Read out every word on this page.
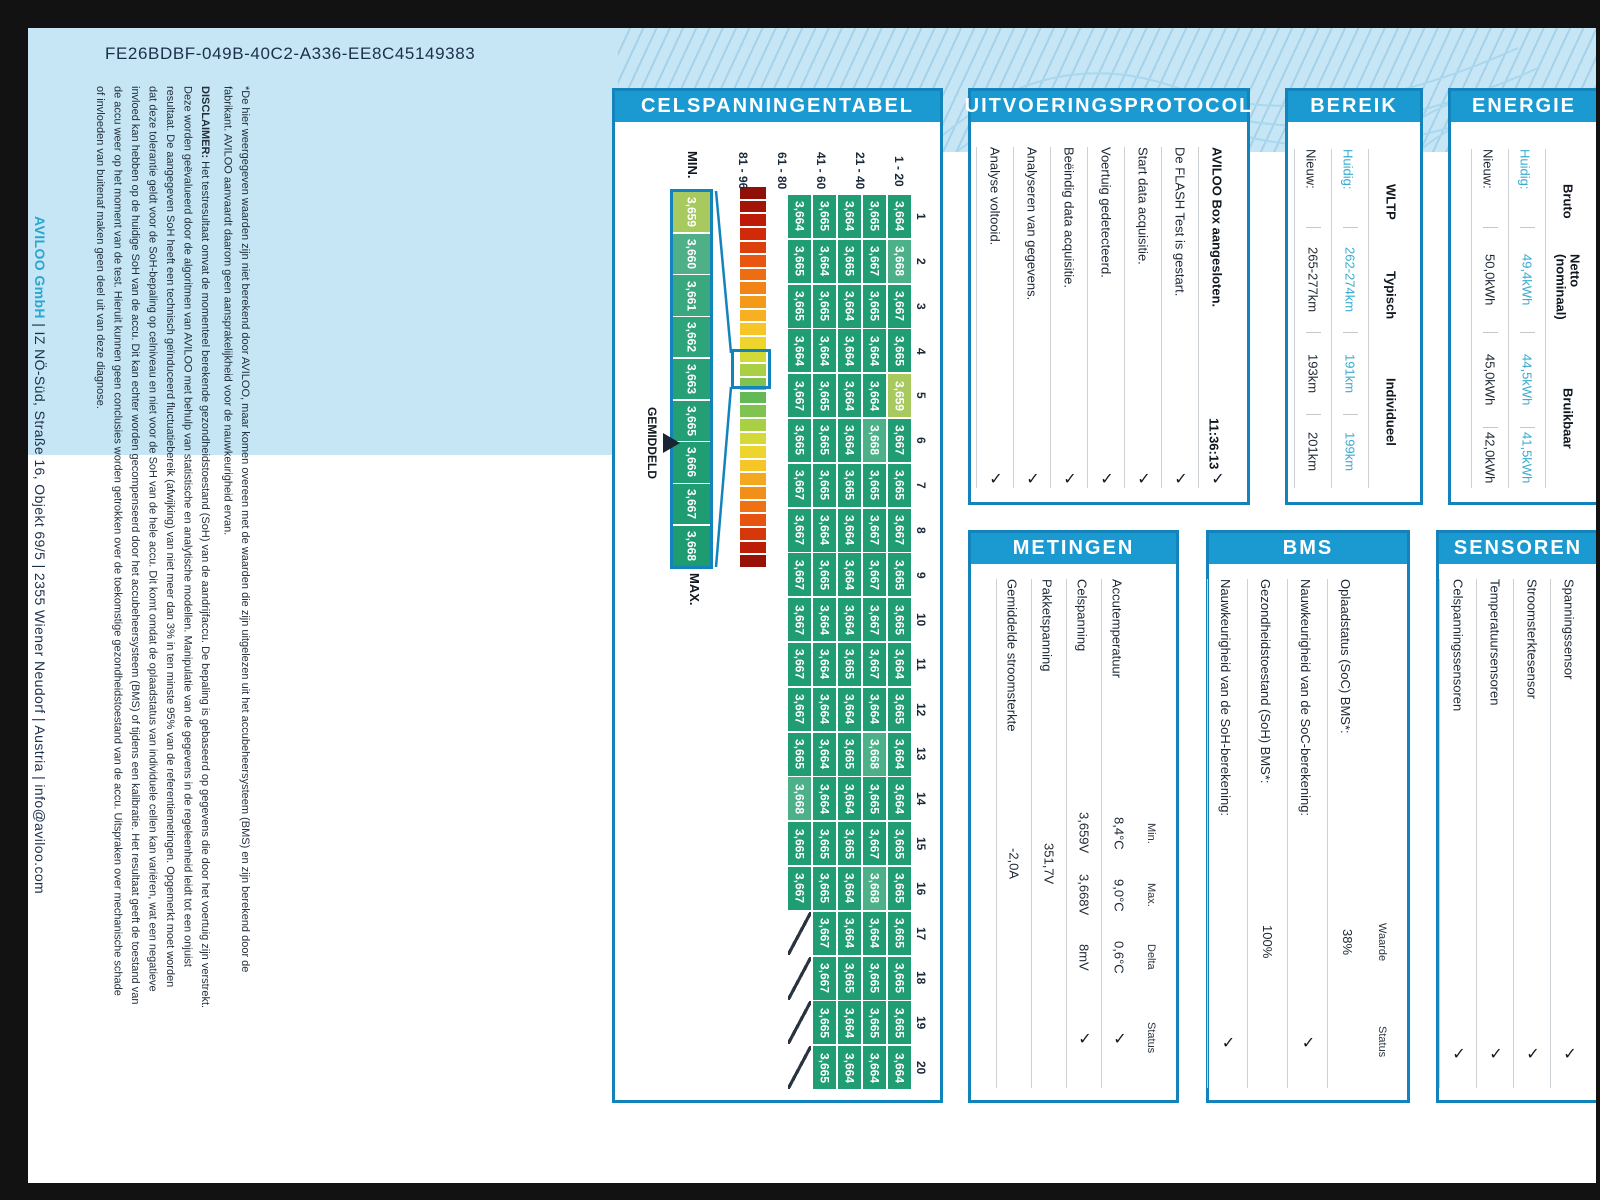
FE26BDBF-049B-40C2-A336-EE8C45149383
*De hier weergegeven waarden zijn niet berekend door AVILOO, maar komen overeen met de waarden die zijn uitgelezen uit het accubeheersysteem (BMS) en zijn berekend door de
fabrikant. AVILOO aanvaardt daarom geen aansprakelijkheid voor de nauwkeurigheid ervan.
DISCLAIMER: Het testresultaat omvat de momenteel berekende gezondheidstoestand (SoH) van de aandrijfaccu. De bepaling is gebaseerd op gegevens die door het voertuig zijn verstrekt.
Deze worden geëvalueerd door de algoritmen van AVILOO met behulp van statistische en analytische modellen. Manipulatie van de gegevens in de regeleenheid leidt tot een onjuist
resultaat. De aangegeven SoH heeft een technisch geïnduceerd fluctuatiebereik (afwijking) van niet meer dan 3% in ten minste 95% van de referentiemetingen. Opgemerkt moet worden
dat deze tolerantie geldt voor de SoH-bepaling op celniveau en niet voor de SoH van de hele accu. Dit komt omdat de oplaadstatus van individuele cellen kan variëren, wat een negatieve
invloed kan hebben op de huidige SoH van de accu. Dit kan echter worden gecompenseerd door het accubeheersysteem (BMS) of tijdens een kalibratie. Het resultaat geeft de toestand van
de accu weer op het moment van de test. Hieruit kunnen geen conclusies worden getrokken over de toekomstige gezondheidstoestand van de accu. Uitspraken over mechanische schade
of invloeden van buitenaf maken geen deel uit van deze diagnose.
AVILOO GmbH | IZ NÖ-Süd, Straße 16, Objekt 69/5 | 2355 Wiener Neudorf | Austria | info@aviloo.com
CELSPANNINGENTABEL
MIN.
3,659
3,660
3,661
3,662
3,663
3,665
3,666
3,667
3,668
MAX.
GEMIDDELD
1 - 20
3,664
3,668
3,667
3,665
3,659
3,667
3,665
3,667
3,665
3,665
3,664
3,665
3,664
3,664
3,665
3,665
3,665
3,665
3,665
3,664
21 - 40
3,665
3,667
3,665
3,664
3,664
3,668
3,665
3,667
3,667
3,667
3,667
3,664
3,668
3,665
3,667
3,668
3,664
3,665
3,665
3,664
41 - 60
3,664
3,665
3,664
3,664
3,664
3,664
3,665
3,664
3,664
3,664
3,665
3,664
3,665
3,664
3,665
3,664
3,664
3,665
3,664
3,664
61 - 80
3,665
3,664
3,665
3,664
3,665
3,665
3,665
3,664
3,665
3,664
3,664
3,664
3,664
3,664
3,665
3,665
3,667
3,667
3,665
3,665
81 - 96
3,664
3,665
3,665
3,664
3,667
3,665
3,667
3,667
3,667
3,667
3,667
3,667
3,665
3,668
3,665
3,667
1
2
3
4
5
6
7
8
9
10
11
12
13
14
15
16
17
18
19
20
UITVOERINGSPROTOCOL
AVILOO Box aangesloten.
11:36:13
✓
De FLASH Test is gestart.
✓
Start data acquisitie.
✓
Voertuig gedetecteerd.
✓
Beëindig data acquisitie.
✓
Analyseren van gegevens.
✓
Analyse voltooid.
✓
BEREIK
WLTP
Typisch
Individueel
Huidig:
262-274km
191km
199km
Nieuw:
265-277km
193km
201km
ENERGIE
Bruto
Netto (nominaal)
Bruikbaar
Huidig:
49,4kWh
44,5kWh
41,5kWh
Nieuw:
50,0kWh
45,0kWh
42,0kWh
METINGEN
Min.
Max.
Delta
Status
Accutemperatuur
8,4°C
9,0°C
0,6°C
✓
Celspanning
3,659V
3,668V
8mV
✓
Pakketspanning
351,7V
Gemiddelde stroomsterkte
-2,0A
BMS
Waarde
Status
Oplaadstatus (SoC) BMS*:
38%
Nauwkeurigheid van de SoC-berekening:
✓
Gezondheidstoestand (SoH) BMS*:
100%
Nauwkeurigheid van de SoH-berekening:
✓
SENSOREN
Spanningssensor
✓
Stroomsterktesensor
✓
Temperatuursensoren
✓
Celspanningssensoren
✓
